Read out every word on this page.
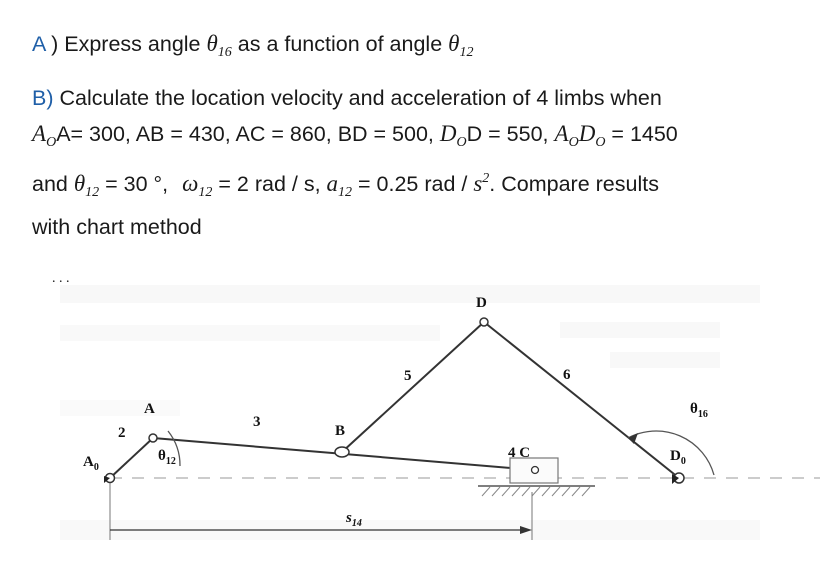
A ) Express angle $\theta_{16}$ as a function of angle $\theta_{12}$
B) Calculate the location velocity and acceleration of 4 limbs when
$A_OA= 300$, AB = 430, AC = 860, BD = 500, $D_OD = 550$, $A_OD_O = 1450$
and $\theta_{12} = 30$ °, $\omega_{12} = 2$ rad / s, $a_{12} = 0.25$ rad / $s^2$. Compare results
with chart method
. . .
D
A
B
4 C
$A_0$
$D_0$
2
3
5	6
$\theta_{12}$
$\theta_{16}$
$s_{14}$
